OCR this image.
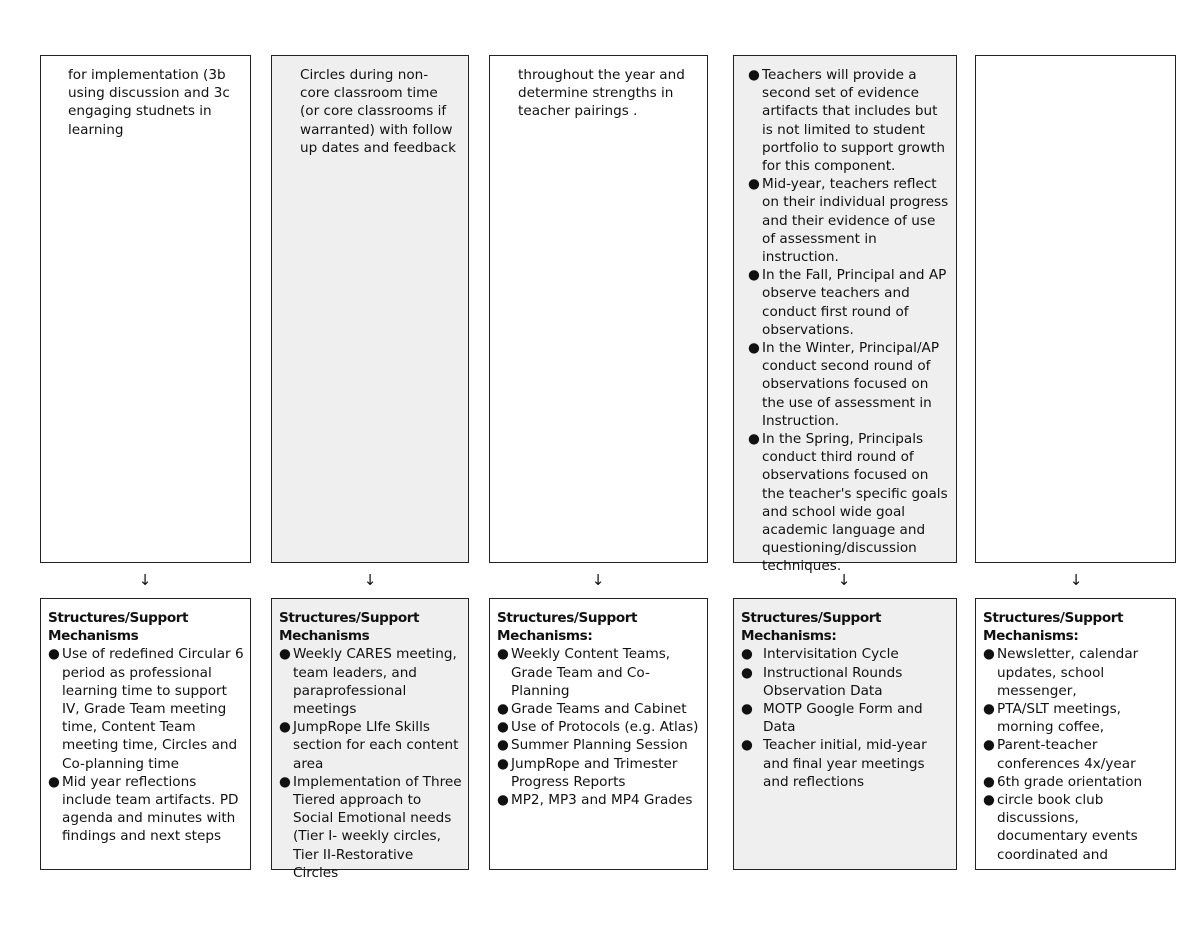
for implementation (3b using discussion and 3c engaging studnets in learning

Circles during non- core classroom time (or core classrooms if warranted) with follow up dates and feedback

throughout the year and determine strengths in teacher pairings .

● Teachers will provide a second set of evidence artifacts that includes but is not limited to student portfolio to support growth for this component.
● Mid-year, teachers reflect on their individual progress and their evidence of use of assessment in instruction.
● In the Fall, Principal and AP observe teachers and conduct first round of observations.
● In the Winter, Principal/AP conduct second round of observations focused on the use of assessment in Instruction.
● In the Spring, Principals conduct third round of observations focused on the teacher's specific goals and school wide goal academic language and questioning/discussion techniques.

↓	↓	↓	↓	↓
Structures/Support Mechanisms
● Use of redefined Circular 6 period as professional learning time to support IV, Grade Team meeting time, Content Team meeting time, Circles and Co-planning time
● Mid year reflections include team artifacts. PD agenda and minutes with findings and next steps
Structures/Support Mechanisms
● Weekly CARES meeting, team leaders, and paraprofessional meetings
● JumpRope LIfe Skills section for each content area
● Implementation of Three Tiered approach to Social Emotional needs (Tier I- weekly circles, Tier II-Restorative Circles
Structures/Support Mechanisms:
● Weekly Content Teams, Grade Team and Co-Planning
● Grade Teams and Cabinet
● Use of Protocols (e.g. Atlas)
● Summer Planning Session
● JumpRope and Trimester Progress Reports
● MP2, MP3 and MP4 Grades
Structures/Support Mechanisms:
● Intervisitation Cycle
● Instructional Rounds Observation Data
● MOTP Google Form and Data
● Teacher initial, mid-year and final year meetings and reflections
Structures/Support Mechanisms:
● Newsletter, calendar updates, school messenger,
● PTA/SLT meetings, morning coffee,
● Parent-teacher conferences 4x/year
● 6th grade orientation
● circle book club discussions, documentary events coordinated and
